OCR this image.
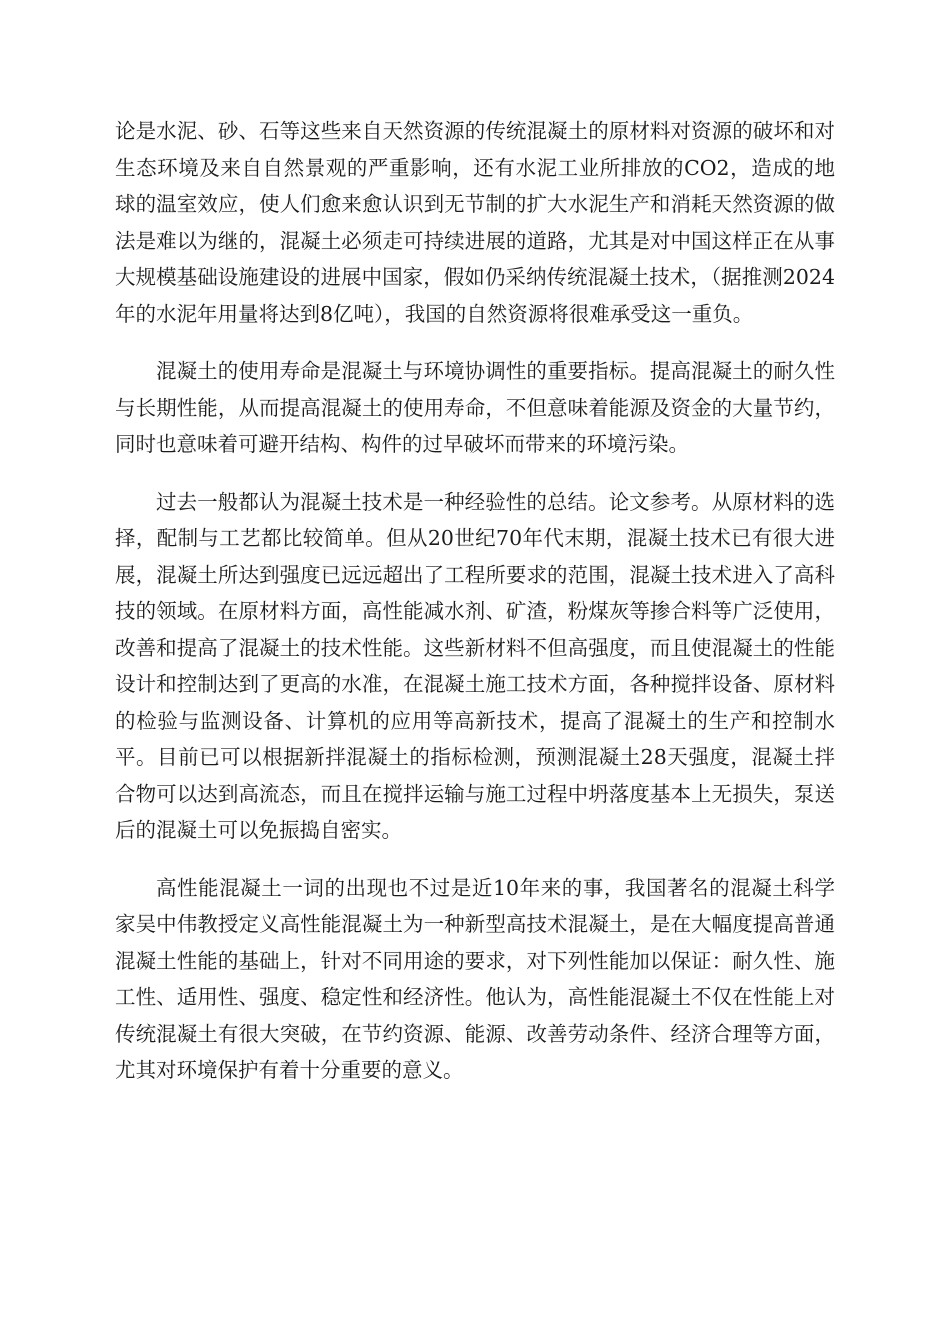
论是水泥、砂、石等这些来自天然资源的传统混凝土的原材料对资源的破坏和对生态环境及来自自然景观的严重影响，还有水泥工业所排放的CO2，造成的地球的温室效应，使人们愈来愈认识到无节制的扩大水泥生产和消耗天然资源的做法是难以为继的，混凝土必须走可持续进展的道路，尤其是对中国这样正在从事大规模基础设施建设的进展中国家，假如仍采纳传统混凝土技术，（据推测2024年的水泥年用量将达到8亿吨），我国的自然资源将很难承受这一重负。

混凝土的使用寿命是混凝土与环境协调性的重要指标。提高混凝土的耐久性与长期性能，从而提高混凝土的使用寿命，不但意味着能源及资金的大量节约，同时也意味着可避开结构、构件的过早破坏而带来的环境污染。

过去一般都认为混凝土技术是一种经验性的总结。论文参考。从原材料的选择，配制与工艺都比较简单。但从20世纪70年代末期，混凝土技术已有很大进展，混凝土所达到强度已远远超出了工程所要求的范围，混凝土技术进入了高科技的领域。在原材料方面，高性能减水剂、矿渣，粉煤灰等掺合料等广泛使用，改善和提高了混凝土的技术性能。这些新材料不但高强度，而且使混凝土的性能设计和控制达到了更高的水准，在混凝土施工技术方面，各种搅拌设备、原材料的检验与监测设备、计算机的应用等高新技术，提高了混凝土的生产和控制水平。目前已可以根据新拌混凝土的指标检测，预测混凝土28天强度，混凝土拌合物可以达到高流态，而且在搅拌运输与施工过程中坍落度基本上无损失，泵送后的混凝土可以免振捣自密实。

高性能混凝土一词的出现也不过是近10年来的事，我国著名的混凝土科学家吴中伟教授定义高性能混凝土为一种新型高技术混凝土，是在大幅度提高普通混凝土性能的基础上，针对不同用途的要求，对下列性能加以保证：耐久性、施工性、适用性、强度、稳定性和经济性。他认为，高性能混凝土不仅在性能上对传统混凝土有很大突破，在节约资源、能源、改善劳动条件、经济合理等方面，尤其对环境保护有着十分重要的意义。
